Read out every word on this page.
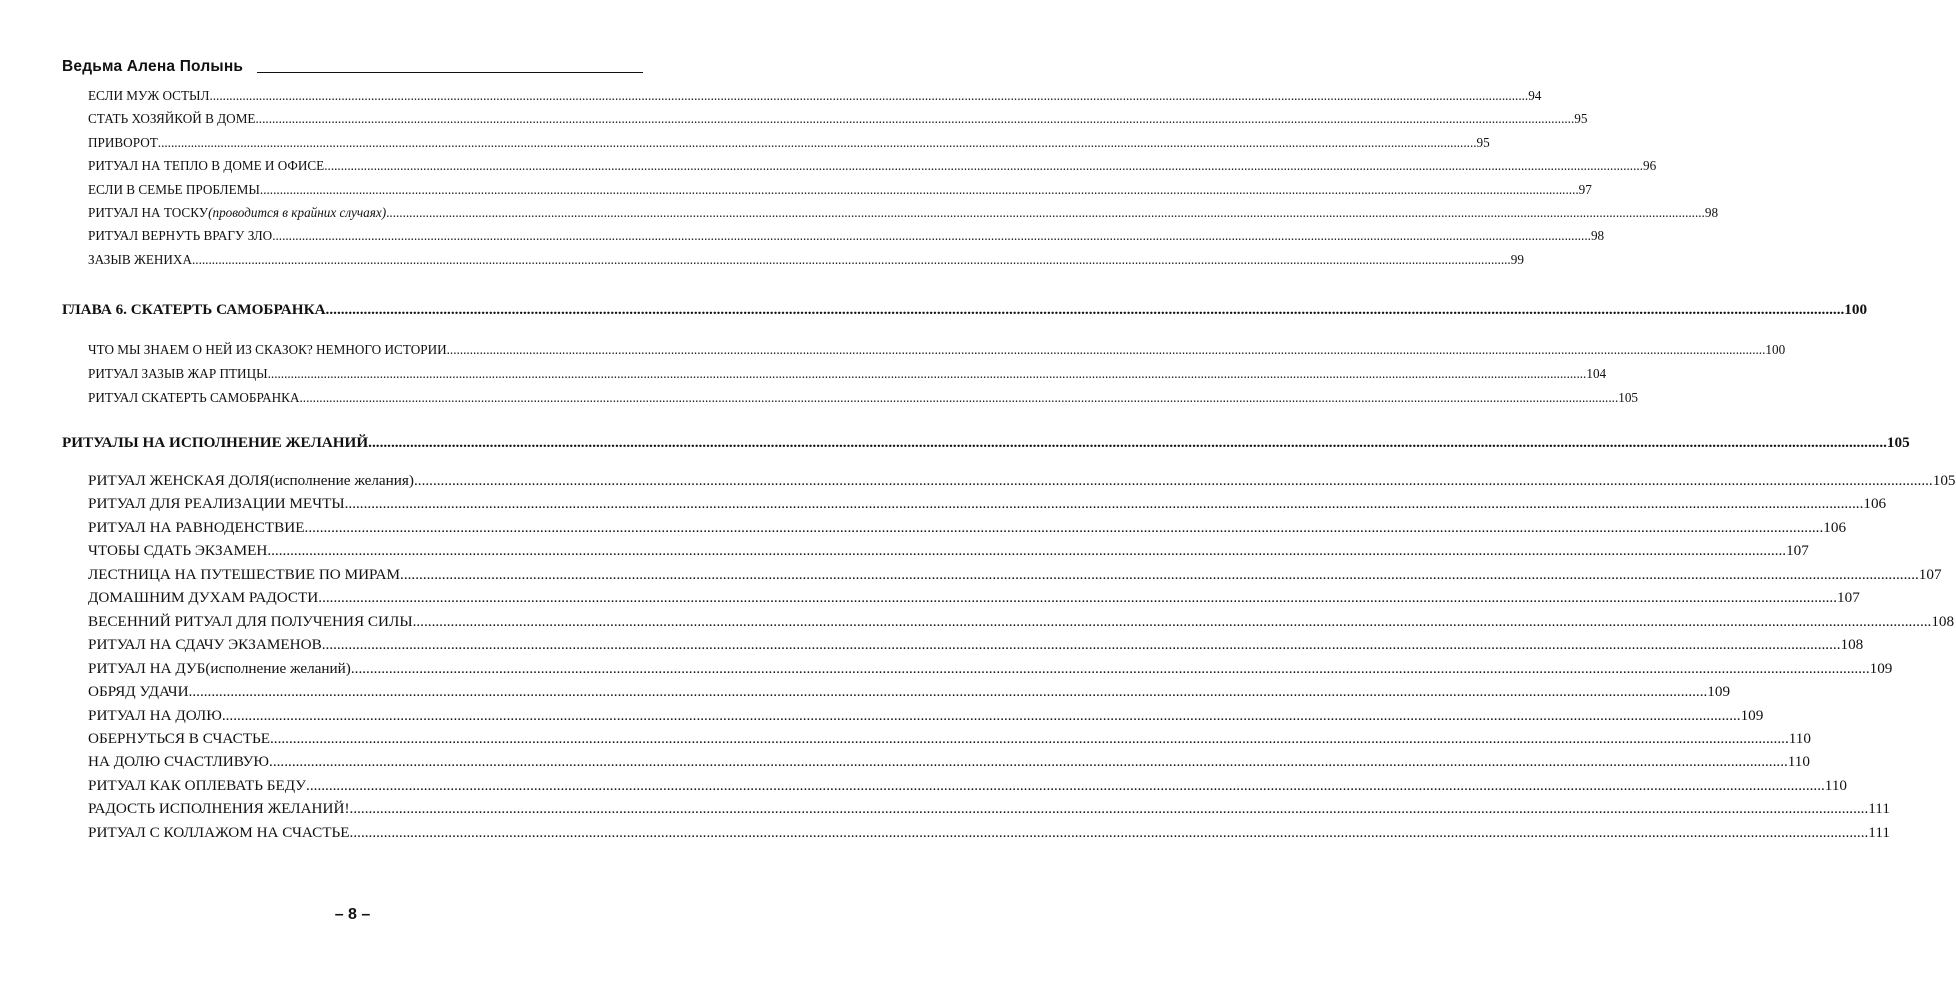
Ведьма Алена Полынь
ЕСЛИ МУЖ ОСТЫЛ ................................................................................................................................................................................................................................................................................................................................................................................................................ 94
СТАТЬ ХОЗЯЙКОЙ В ДОМЕ ................................................................................................................................................................................................................................................................................................................................................................................................................ 95
ПРИВОРОТ ................................................................................................................................................................................................................................................................................................................................................................................................................ 95
РИТУАЛ НА ТЕПЛО В ДОМЕ И ОФИСЕ ................................................................................................................................................................................................................................................................................................................................................................................................................ 96
ЕСЛИ В СЕМЬЕ ПРОБЛЕМЫ ................................................................................................................................................................................................................................................................................................................................................................................................................ 97
РИТУАЛ НА ТОСКУ (проводится в крайних случаях) ................................................................................................................................................................................................................................................................................................................................................................................................................ 98
РИТУАЛ ВЕРНУТЬ ВРАГУ ЗЛО ................................................................................................................................................................................................................................................................................................................................................................................................................ 98
ЗАЗЫВ ЖЕНИХА ................................................................................................................................................................................................................................................................................................................................................................................................................ 99
ГЛАВА 6. СКАТЕРТЬ САМОБРАНКА ................................................................................................................................................................................................................................................................................................................................................................................................................ 100
ЧТО МЫ ЗНАЕМ О НЕЙ ИЗ СКАЗОК? НЕМНОГО ИСТОРИИ ................................................................................................................................................................................................................................................................................................................................................................................................................ 100
РИТУАЛ ЗАЗЫВ ЖАР ПТИЦЫ ................................................................................................................................................................................................................................................................................................................................................................................................................ 104
РИТУАЛ СКАТЕРТЬ САМОБРАНКА ................................................................................................................................................................................................................................................................................................................................................................................................................ 105
РИТУАЛЫ НА ИСПОЛНЕНИЕ ЖЕЛАНИЙ ................................................................................................................................................................................................................................................................................................................................................................................................................ 105
РИТУАЛ ЖЕНСКАЯ ДОЛЯ (исполнение желания) ................................................................................................................................................................................................................................................................................................................................................................................................................ 105
РИТУАЛ ДЛЯ РЕАЛИЗАЦИИ МЕЧТЫ ................................................................................................................................................................................................................................................................................................................................................................................................................ 106
РИТУАЛ НА РАВНОДЕНСТВИЕ ................................................................................................................................................................................................................................................................................................................................................................................................................ 106
ЧТОБЫ СДАТЬ ЭКЗАМЕН ................................................................................................................................................................................................................................................................................................................................................................................................................ 107
ЛЕСТНИЦА НА ПУТЕШЕСТВИЕ ПО МИРАМ ................................................................................................................................................................................................................................................................................................................................................................................................................ 107
ДОМАШНИМ ДУХАМ РАДОСТИ ................................................................................................................................................................................................................................................................................................................................................................................................................ 107
ВЕСЕННИЙ РИТУАЛ ДЛЯ ПОЛУЧЕНИЯ СИЛЫ ................................................................................................................................................................................................................................................................................................................................................................................................................ 108
РИТУАЛ НА СДАЧУ ЭКЗАМЕНОВ ................................................................................................................................................................................................................................................................................................................................................................................................................ 108
РИТУАЛ НА ДУБ (исполнение желаний) ................................................................................................................................................................................................................................................................................................................................................................................................................ 109
ОБРЯД УДАЧИ ................................................................................................................................................................................................................................................................................................................................................................................................................ 109
РИТУАЛ НА ДОЛЮ ................................................................................................................................................................................................................................................................................................................................................................................................................ 109
ОБЕРНУТЬСЯ В СЧАСТЬЕ ................................................................................................................................................................................................................................................................................................................................................................................................................ 110
НА ДОЛЮ СЧАСТЛИВУЮ ................................................................................................................................................................................................................................................................................................................................................................................................................ 110
РИТУАЛ КАК ОПЛЕВАТЬ БЕДУ ................................................................................................................................................................................................................................................................................................................................................................................................................ 110
РАДОСТЬ ИСПОЛНЕНИЯ ЖЕЛАНИЙ! ................................................................................................................................................................................................................................................................................................................................................................................................................ 111
РИТУАЛ С КОЛЛАЖОМ НА СЧАСТЬЕ ................................................................................................................................................................................................................................................................................................................................................................................................................ 111
– 8 –
